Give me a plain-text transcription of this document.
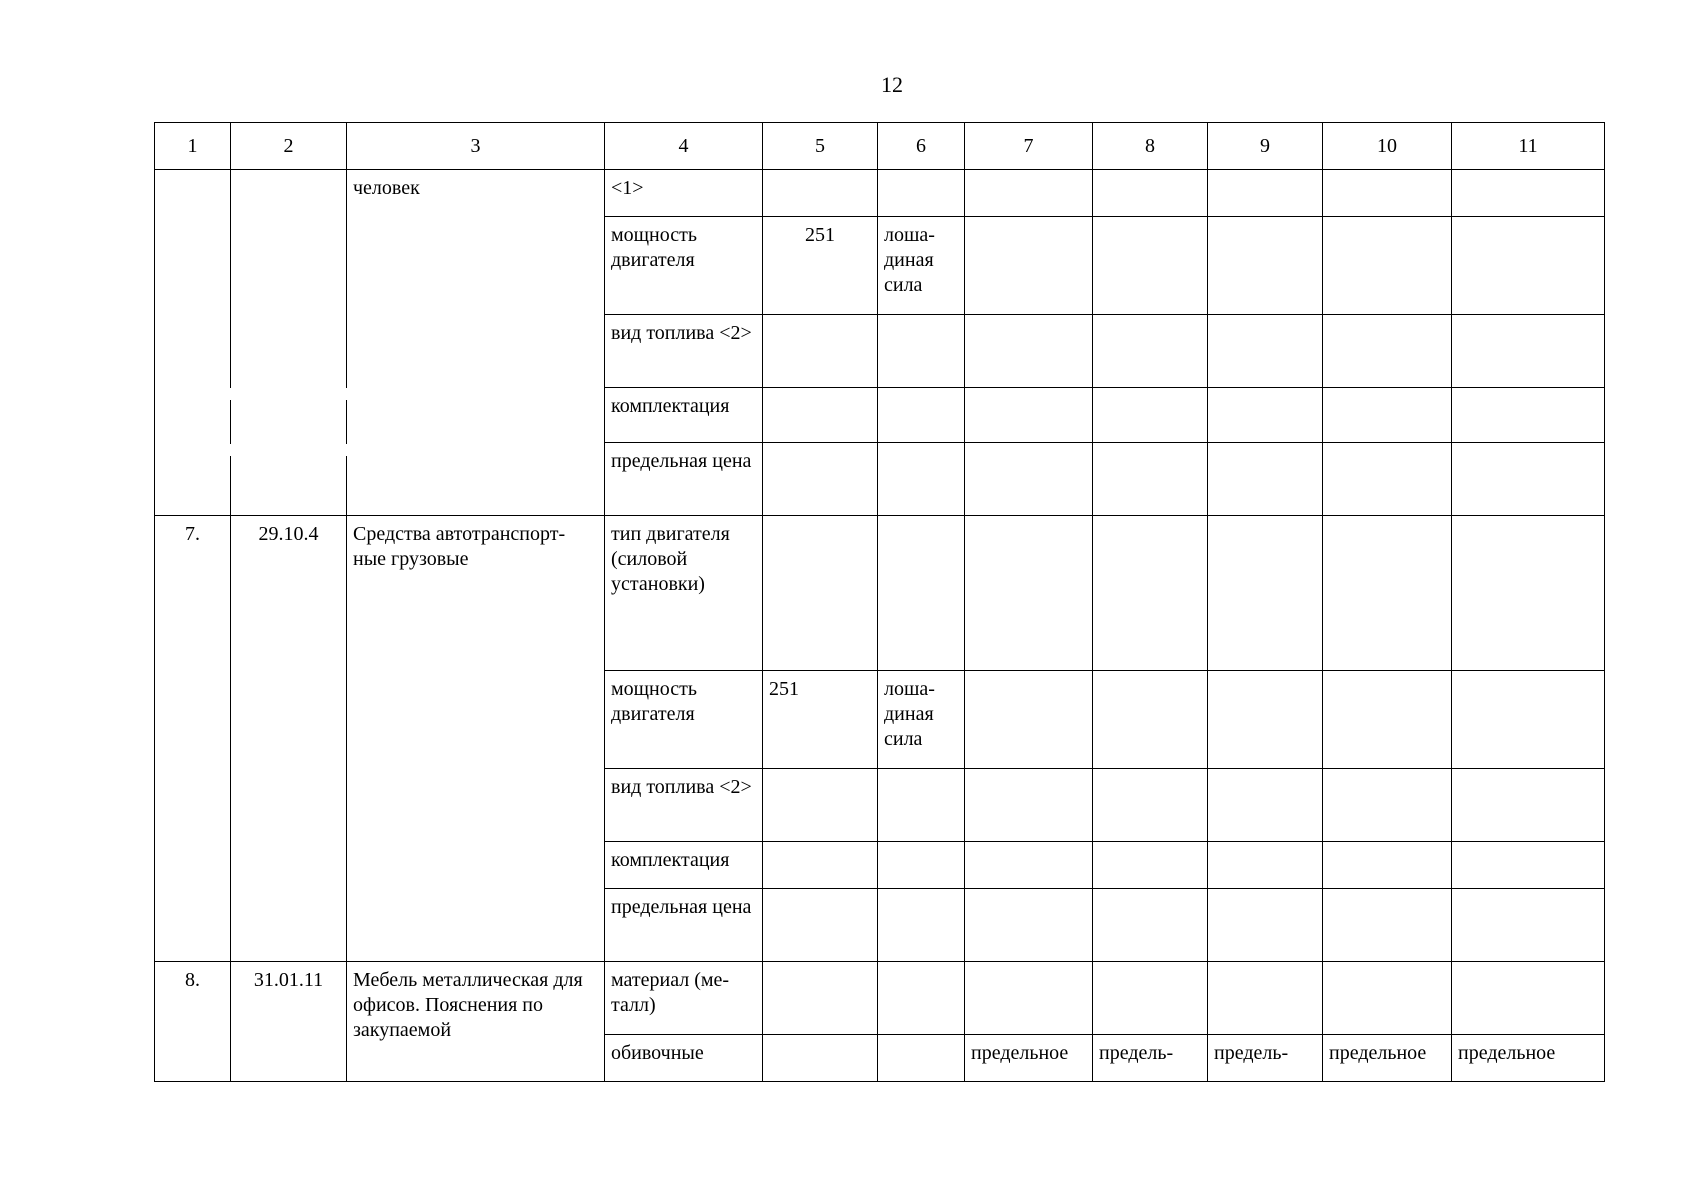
12
1	2	3	4	5	6	7	8	9	10	11
		человек	<1>							
			мощность двигателя	251	лоша-диная сила					
			вид топлива <2>							
			комплектация							
			предельная цена							
7.	29.10.4	Средства автотранспорт-ные грузовые	тип двигателя (силовой установки)							
			мощность двигателя	251	лоша-диная сила					
			вид топлива <2>							
			комплектация							
			предельная цена							
8.	31.01.11	Мебель металлическая для офисов. Пояснения по закупаемой	материал (ме-талл)							
			обивочные			предельное	предель-	предель-	предельное	предельное
